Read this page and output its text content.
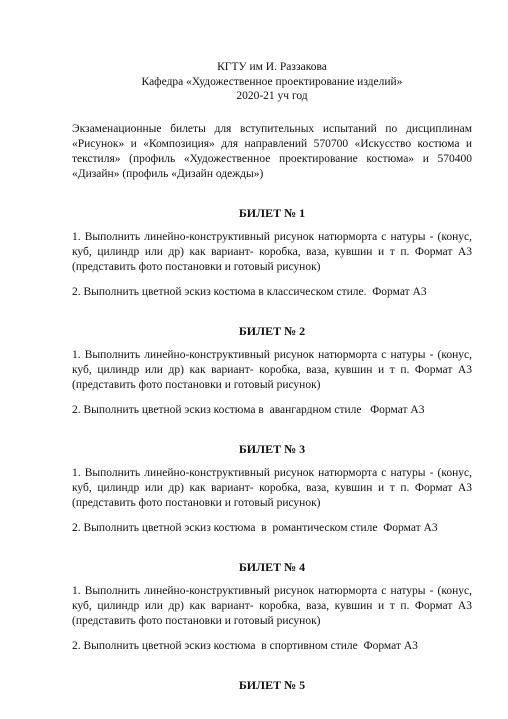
КГТУ им И. Раззакова
Кафедра «Художественное проектирование изделий»
2020-21 уч год
Экзаменационные билеты для вступительных испытаний по дисциплинам «Рисунок» и «Композиция» для направлений 570700 «Искусство костюма и текстиля» (профиль «Художественное проектирование костюма» и 570400 «Дизайн» (профиль «Дизайн одежды»)
БИЛЕТ № 1
1. Выполнить линейно-конструктивный рисунок натюрморта с натуры - (конус, куб, цилиндр или др) как вариант- коробка, ваза, кувшин и т п. Формат А3 (представить фото постановки и готовый рисунок)
2. Выполнить цветной эскиз костюма в классическом стиле.  Формат А3
БИЛЕТ № 2
1. Выполнить линейно-конструктивный рисунок натюрморта с натуры - (конус, куб, цилиндр или др) как вариант- коробка, ваза, кувшин и т п. Формат А3 (представить фото постановки и готовый рисунок)
2. Выполнить цветной эскиз костюма в  авангардном стиле   Формат А3
БИЛЕТ № 3
1. Выполнить линейно-конструктивный рисунок натюрморта с натуры - (конус, куб, цилиндр или др) как вариант- коробка, ваза, кувшин и т п. Формат А3 (представить фото постановки и готовый рисунок)
2. Выполнить цветной эскиз костюма  в  романтическом стиле  Формат А3
БИЛЕТ № 4
1. Выполнить линейно-конструктивный рисунок натюрморта с натуры - (конус, куб, цилиндр или др) как вариант- коробка, ваза, кувшин и т п. Формат А3 (представить фото постановки и готовый рисунок)
2. Выполнить цветной эскиз костюма  в спортивном стиле  Формат А3
БИЛЕТ № 5
